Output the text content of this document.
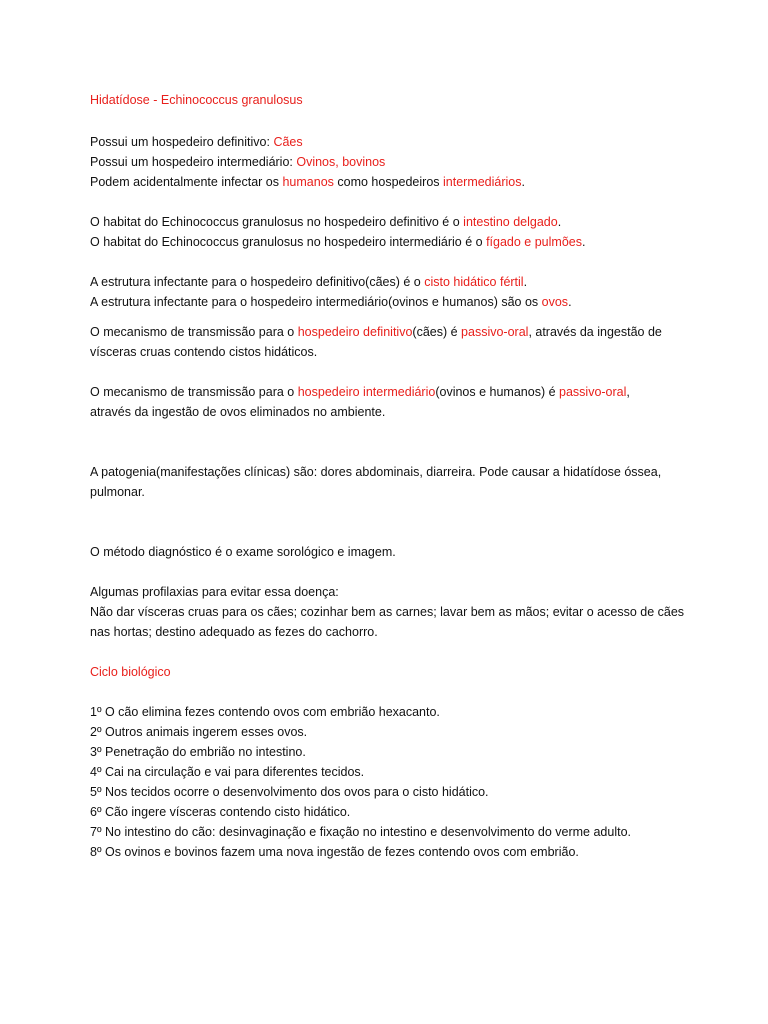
Hidatídose - Echinococcus granulosus
Possui um hospedeiro definitivo: Cães
Possui um hospedeiro intermediário: Ovinos, bovinos
Podem acidentalmente infectar os humanos como hospedeiros intermediários.
O habitat do Echinococcus granulosus no hospedeiro definitivo é o intestino delgado.
O habitat do Echinococcus granulosus no hospedeiro intermediário é o fígado e pulmões.
A estrutura infectante para o hospedeiro definitivo(cães) é o cisto hidático fértil.
A estrutura infectante para o hospedeiro intermediário(ovinos e humanos) são os ovos.
O mecanismo de transmissão para o hospedeiro definitivo(cães) é passivo-oral, através da ingestão de
vísceras cruas contendo cistos hidáticos.
O mecanismo de transmissão para o hospedeiro intermediário(ovinos e humanos) é passivo-oral,
através da ingestão de ovos eliminados no ambiente.
A patogenia(manifestações clínicas) são: dores abdominais, diarreira. Pode causar a hidatídose óssea,
pulmonar.
O método diagnóstico é o exame sorológico e imagem.
Algumas profilaxias para evitar essa doença:
Não dar vísceras cruas para os cães; cozinhar bem as carnes; lavar bem as mãos; evitar o acesso de cães
nas hortas; destino adequado as fezes do cachorro.
Ciclo biológico
1º O cão elimina fezes contendo ovos com embrião hexacanto.
2º Outros animais ingerem esses ovos.
3º Penetração do embrião no intestino.
4º Cai na circulação e vai para diferentes tecidos.
5º Nos tecidos ocorre o desenvolvimento dos ovos para o cisto hidático.
6º Cão ingere vísceras contendo cisto hidático.
7º No intestino do cão: desinvaginação e fixação no intestino e desenvolvimento do verme adulto.
8º Os ovinos e bovinos fazem uma nova ingestão de fezes contendo ovos com embrião.
